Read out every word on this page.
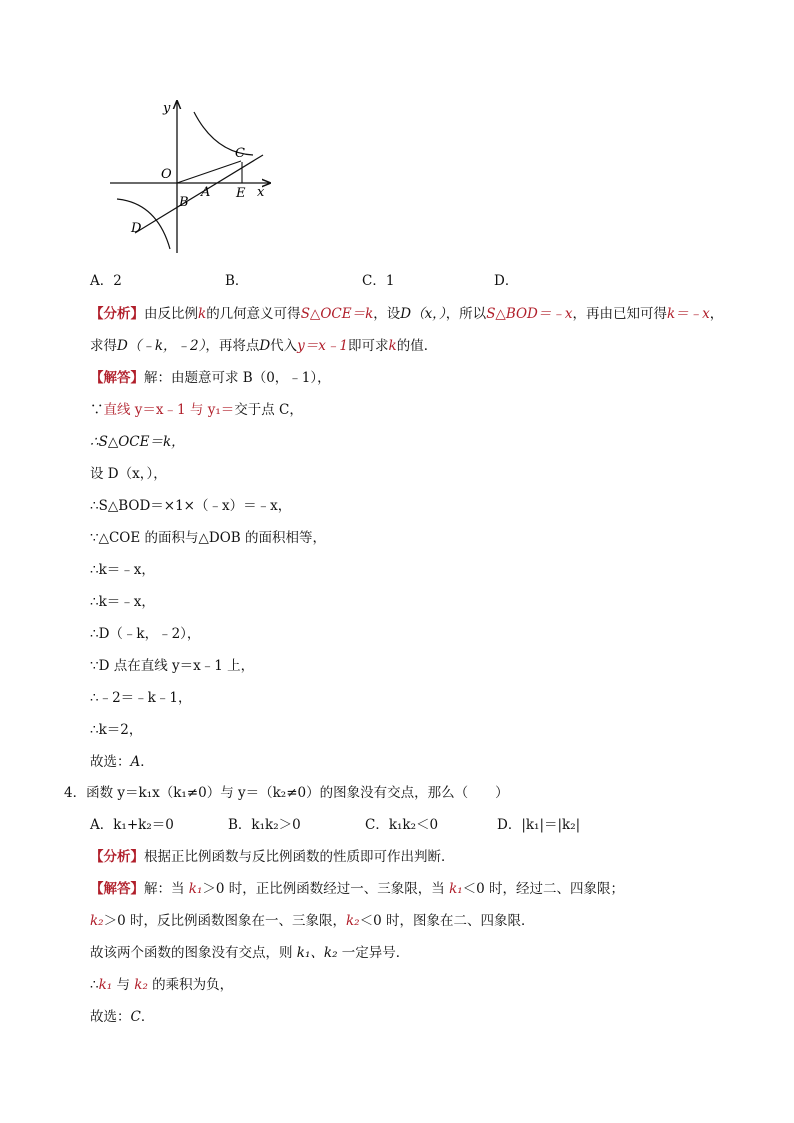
y
O
C
A
B
E x
D
A．2	B．	C．1	D．
【分析】由反比例k的几何意义可得S△OCE＝k，设D（x，），所以S△BOD＝﹣x，再由已知可得k＝﹣x，
求得D（﹣k，﹣2），再将点D代入y＝x﹣1即可求k的值．
【解答】解：由题意可求 B（0，﹣1），
∵直线 y＝x﹣1 与 y₁＝交于点 C，
∴S△OCE＝k，
设 D（x，），
∴S△BOD＝×1×（﹣x）＝﹣x，
∵△COE 的面积与△DOB 的面积相等，
∴k＝﹣x，
∴k＝﹣x，
∴D（﹣k，﹣2），
∵D 点在直线 y＝x﹣1 上，
∴﹣2＝﹣k﹣1，
∴k＝2，
故选：A．
4．函数 y＝k₁x（k₁≠0）与 y＝（k₂≠0）的图象没有交点，那么（　　）
A．k₁+k₂＝0	B．k₁k₂＞0	C．k₁k₂＜0	D．|k₁|＝|k₂|
【分析】根据正比例函数与反比例函数的性质即可作出判断．
【解答】解：当 k₁＞0 时，正比例函数经过一、三象限，当 k₁＜0 时，经过二、四象限；
k₂＞0 时，反比例函数图象在一、三象限，k₂＜0 时，图象在二、四象限．
故该两个函数的图象没有交点，则 k₁、k₂ 一定异号．
∴k₁ 与 k₂ 的乘积为负，
故选：C．
